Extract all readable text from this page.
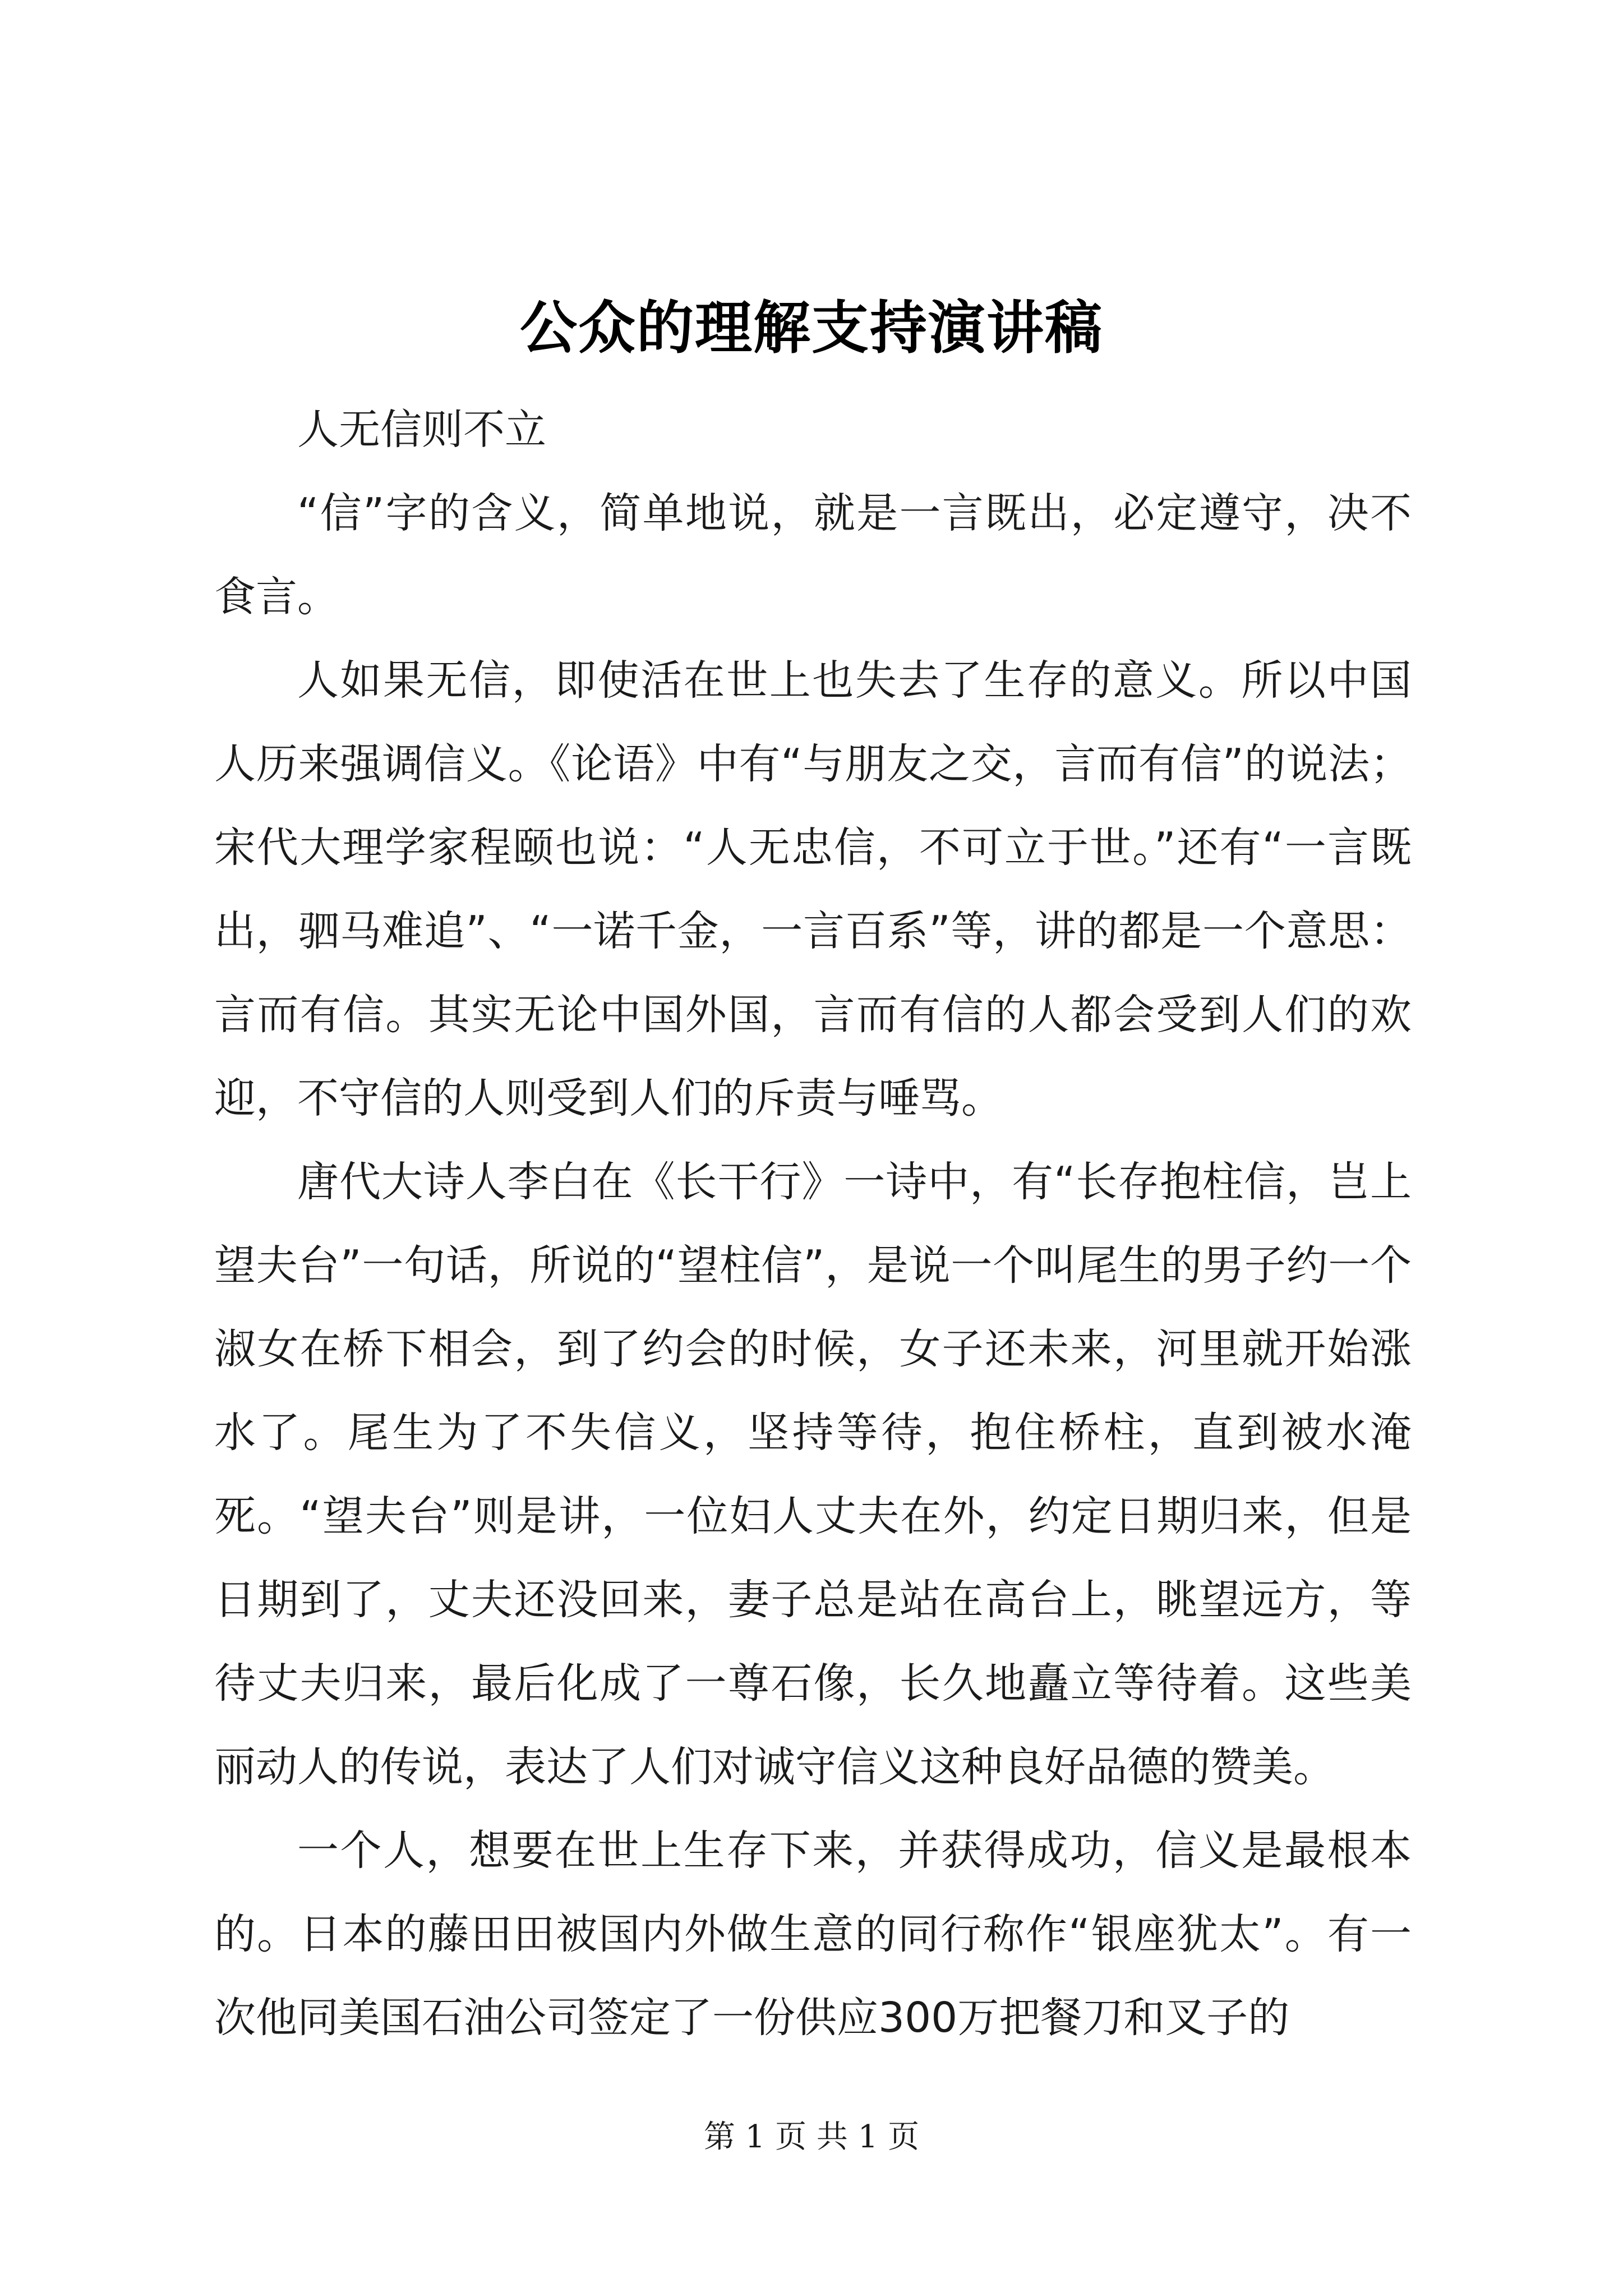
公众的理解支持演讲稿

人无信则不立

“信”字的含义，简单地说，就是一言既出，必定遵守，决不食言。

人如果无信，即使活在世上也失去了生存的意义。所以中国人历来强调信义。《论语》中有“与朋友之交，言而有信”的说法；宋代大理学家程颐也说：“人无忠信，不可立于世。”还有“一言既出，驷马难追”、“一诺千金，一言百系”等，讲的都是一个意思：言而有信。其实无论中国外国，言而有信的人都会受到人们的欢迎，不守信的人则受到人们的斥责与唾骂。

唐代大诗人李白在《长干行》一诗中，有“长存抱柱信，岂上望夫台”一句话，所说的“望柱信”，是说一个叫尾生的男子约一个淑女在桥下相会，到了约会的时候，女子还未来，河里就开始涨水了。尾生为了不失信义，坚持等待，抱住桥柱，直到被水淹死。“望夫台”则是讲，一位妇人丈夫在外，约定日期归来，但是日期到了，丈夫还没回来，妻子总是站在高台上，眺望远方，等待丈夫归来，最后化成了一尊石像，长久地矗立等待着。这些美丽动人的传说，表达了人们对诚守信义这种良好品德的赞美。

一个人，想要在世上生存下来，并获得成功，信义是最根本的。日本的藤田田被国内外做生意的同行称作“银座犹太”。有一次他同美国石油公司签定了一份供应300万把餐刀和叉子的

第 1 页 共 1 页
